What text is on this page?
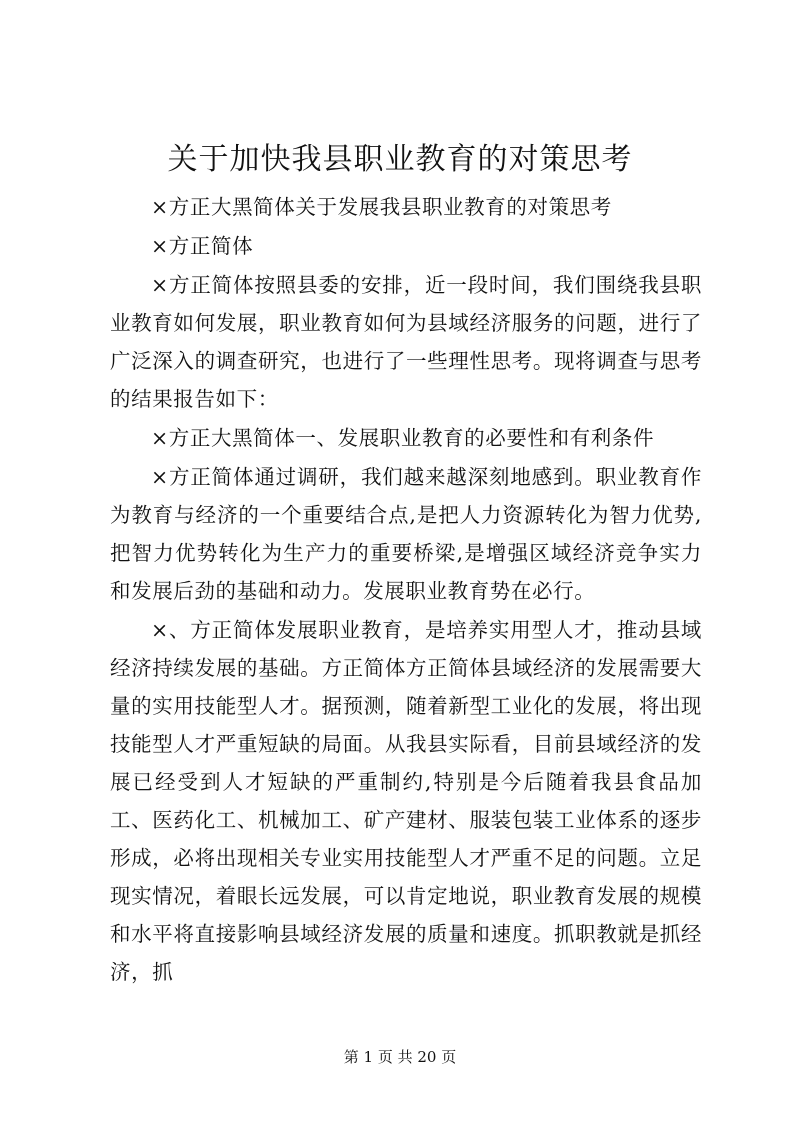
关于加快我县职业教育的对策思考

×方正大黑简体关于发展我县职业教育的对策思考

×方正简体

×方正简体按照县委的安排，近一段时间，我们围绕我县职业教育如何发展，职业教育如何为县域经济服务的问题，进行了广泛深入的调查研究，也进行了一些理性思考。现将调查与思考的结果报告如下：

×方正大黑简体一、发展职业教育的必要性和有利条件

×方正简体通过调研，我们越来越深刻地感到。职业教育作为教育与经济的一个重要结合点,是把人力资源转化为智力优势,把智力优势转化为生产力的重要桥梁,是增强区域经济竞争实力和发展后劲的基础和动力。发展职业教育势在必行。

×、方正简体发展职业教育，是培养实用型人才，推动县域经济持续发展的基础。方正简体方正简体县域经济的发展需要大量的实用技能型人才。据预测，随着新型工业化的发展，将出现技能型人才严重短缺的局面。从我县实际看，目前县域经济的发展已经受到人才短缺的严重制约,特别是今后随着我县食品加工、医药化工、机械加工、矿产建材、服装包装工业体系的逐步形成，必将出现相关专业实用技能型人才严重不足的问题。立足现实情况，着眼长远发展，可以肯定地说，职业教育发展的规模和水平将直接影响县域经济发展的质量和速度。抓职教就是抓经济，抓

第 1 页 共 20 页
